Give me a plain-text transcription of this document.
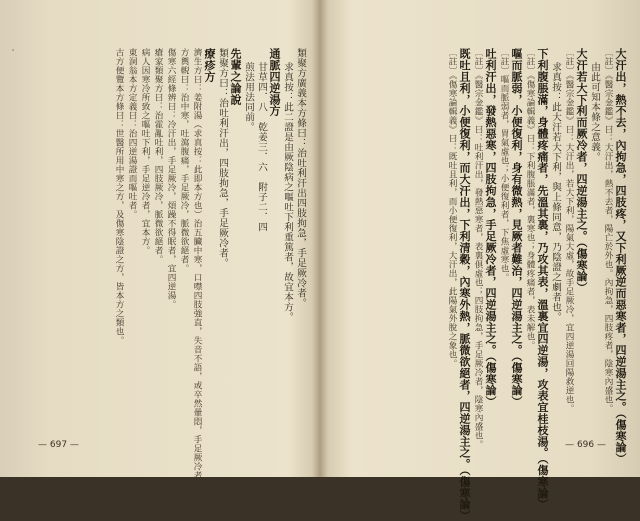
ﾟ	類聚方廣義本方條曰：治吐利汗出四肢拘急，手足厥冷者。
求真按：此二證是由厥陰病之嘔吐下利重篤者，故宜本方。
通脈四逆湯方
甘草四．八　乾姜三．六　附子二．四
煎法用法同前。
先輩之論說
類聚方曰：治吐利汗出，四肢拘急，手足厥冷者。
療疹方
濟生方曰：姜附湯（求真按：此即本方也）治五臟中寒，口噤四肢強直，失音不語，或卒然暈悶，手足厥冷者。
方輿輗曰：治中寒，吐瀉腹痛，手足厥冷，脈微欲絕者。
傷寒六經條辨曰：冷汗出，手足厥冷，煩躁不得眠者，宜四逆湯。
瘡家類聚方曰：治霍亂吐利，四肢厥冷，脈微欲絕者。
病人因寒冷所致之嘔吐下利，手足逆冷者，宜本方。
東洞翁本方定義曰：治四逆湯證而嘔吐者。
古方便覽本方條曰：世醫所用中寒之方，及傷寒陰證之方，皆本方之類也。
— 697 —	大汗出，熱不去，內拘急，四肢疼，又下利厥逆而惡寒者，四逆湯主之。（傷寒論）
〔註〕《醫宗金鑑》曰：大汗出，熱不去者，陽亡於外也。內拘急，四肢疼者，陰寒內盛也。
由此可知本條之意義。
大汗若大下利而厥冷者，四逆湯主之。（傷寒論）
〔註〕《醫宗金鑑》曰：大汗出，若大下利，陽氣大虛，故手足厥冷，宜四逆湯回陽救逆也。
求真按：此大汗若大下利，與上條同意，乃陰證之劇者也。
下利腹脹滿，身體疼痛者，先溫其裏，乃攻其表，溫裏宜四逆湯，攻表宜桂枝湯。（傷寒論）
〔註〕《傷寒論輯義》曰：下利腹脹滿者，裏寒也；身體疼痛者，表未解也。
嘔而脈弱，小便復利，身有微熱，見厥者難治，四逆湯主之。（傷寒論）
〔註〕嘔而脈弱者，胃氣虛也；小便復利者，下焦虛寒也。
吐利汗出，發熱惡寒，四肢拘急，手足厥冷者，四逆湯主之。（傷寒論）
〔註〕《醫宗金鑑》曰：吐利汗出，發熱惡寒者，表裏俱虛也；四肢拘急，手足厥冷者，陰寒內盛也。
既吐且利，小便復利，而大汗出，下利清穀，內寒外熱，脈微欲絕者，四逆湯主之。（傷寒論）
〔註〕《傷寒論輯義》曰：既吐且利，而小便復利，大汗出，此陽氣外脫之象也。
— 696 —
